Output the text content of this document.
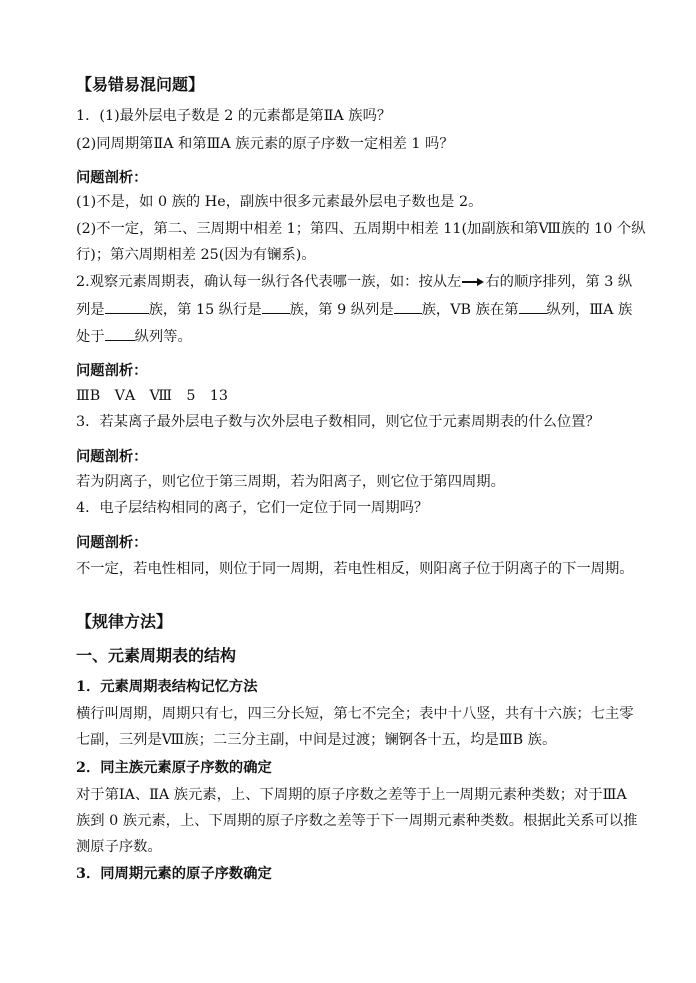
【易错易混问题】
1．(1)最外层电子数是 2 的元素都是第ⅡA 族吗？
(2)同周期第ⅡA 和第ⅢA 族元素的原子序数一定相差 1 吗？
问题剖析：
(1)不是，如 0 族的 He，副族中很多元素最外层电子数也是 2。
(2)不一定，第二、三周期中相差 1；第四、五周期中相差 11(加副族和第Ⅷ族的 10 个纵
行)；第六周期相差 25(因为有镧系)。
2.观察元素周期表，确认每一纵行各代表哪一族，如：按从左 右的顺序排列，第 3 纵
列是	族，第 15 纵行是 族，第 9 纵列是 族，VB 族在第 纵列，ⅢA 族
处于 纵列等。
问题剖析：
ⅢB　ⅤA　Ⅷ　5　13
3．若某离子最外层电子数与次外层电子数相同，则它位于元素周期表的什么位置？
问题剖析：
若为阴离子，则它位于第三周期，若为阳离子，则它位于第四周期。
4．电子层结构相同的离子，它们一定位于同一周期吗？
问题剖析：
不一定，若电性相同，则位于同一周期，若电性相反，则阳离子位于阴离子的下一周期。
【规律方法】
一、元素周期表的结构
1．元素周期表结构记忆方法
横行叫周期，周期只有七，四三分长短，第七不完全；表中十八竖，共有十六族；七主零
七副，三列是Ⅷ族；二三分主副，中间是过渡；镧锕各十五，均是ⅢB 族。
2．同主族元素原子序数的确定
对于第ⅠA、ⅡA 族元素，上、下周期的原子序数之差等于上一周期元素种类数；对于ⅢA
族到 0 族元素，上、下周期的原子序数之差等于下一周期元素种类数。根据此关系可以推
测原子序数。
3．同周期元素的原子序数确定
